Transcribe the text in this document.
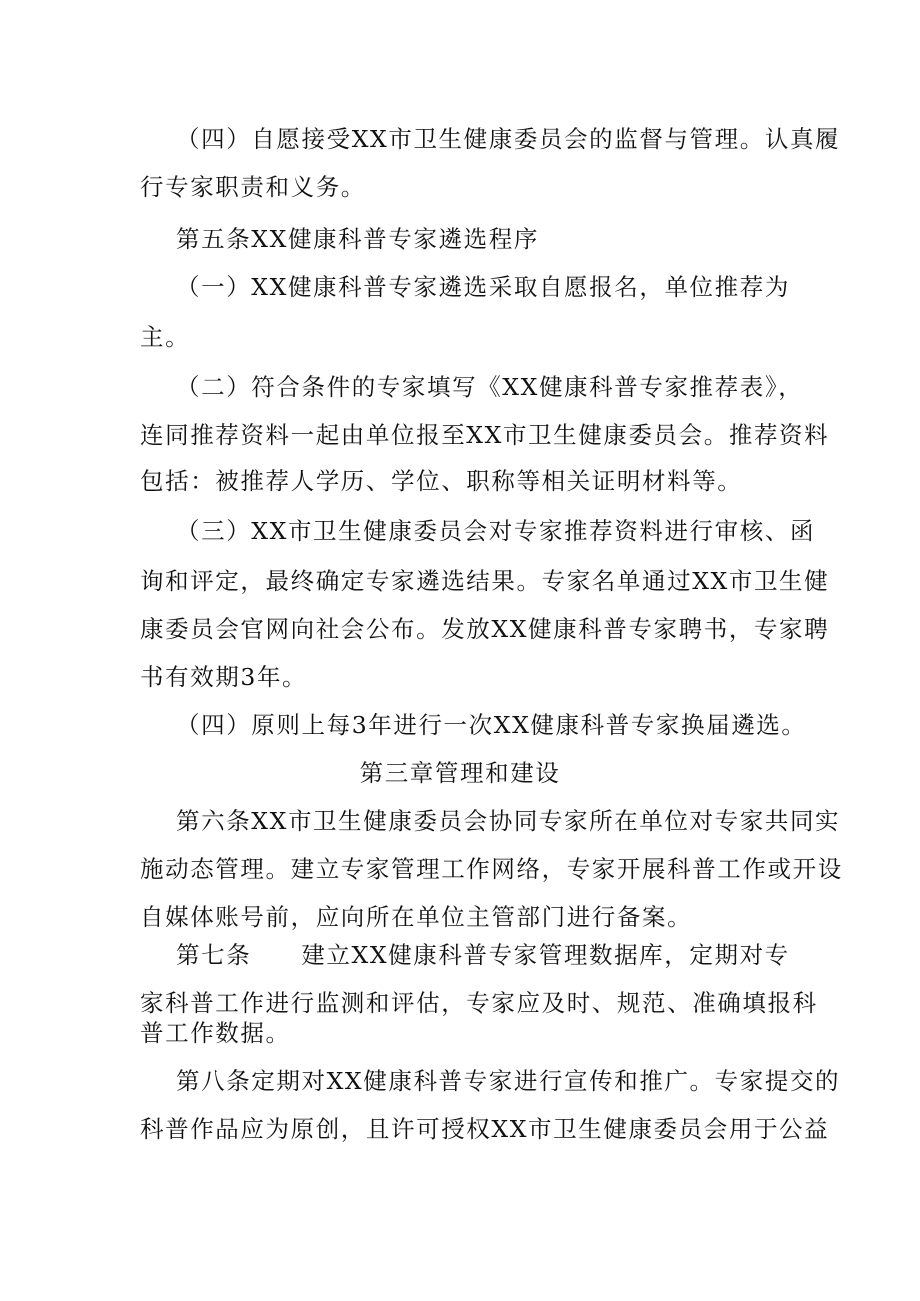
（四）自愿接受XX市卫生健康委员会的监督与管理。认真履
行专家职责和义务。
第五条XX健康科普专家遴选程序
（一）XX健康科普专家遴选采取自愿报名，单位推荐为
主。
（二）符合条件的专家填写《XX健康科普专家推荐表》，
连同推荐资料一起由单位报至XX市卫生健康委员会。推荐资料
包括：被推荐人学历、学位、职称等相关证明材料等。
（三）XX市卫生健康委员会对专家推荐资料进行审核、函
询和评定，最终确定专家遴选结果。专家名单通过XX市卫生健
康委员会官网向社会公布。发放XX健康科普专家聘书，专家聘
书有效期3年。
（四）原则上每3年进行一次XX健康科普专家换届遴选。
第三章管理和建设
第六条XX市卫生健康委员会协同专家所在单位对专家共同实
施动态管理。建立专家管理工作网络，专家开展科普工作或开设
自媒体账号前，应向所在单位主管部门进行备案。
第七条 建立XX健康科普专家管理数据库，定期对专
家科普工作进行监测和评估，专家应及时、规范、准确填报科
普工作数据。
第八条定期对XX健康科普专家进行宣传和推广。专家提交的
科普作品应为原创，且许可授权XX市卫生健康委员会用于公益
